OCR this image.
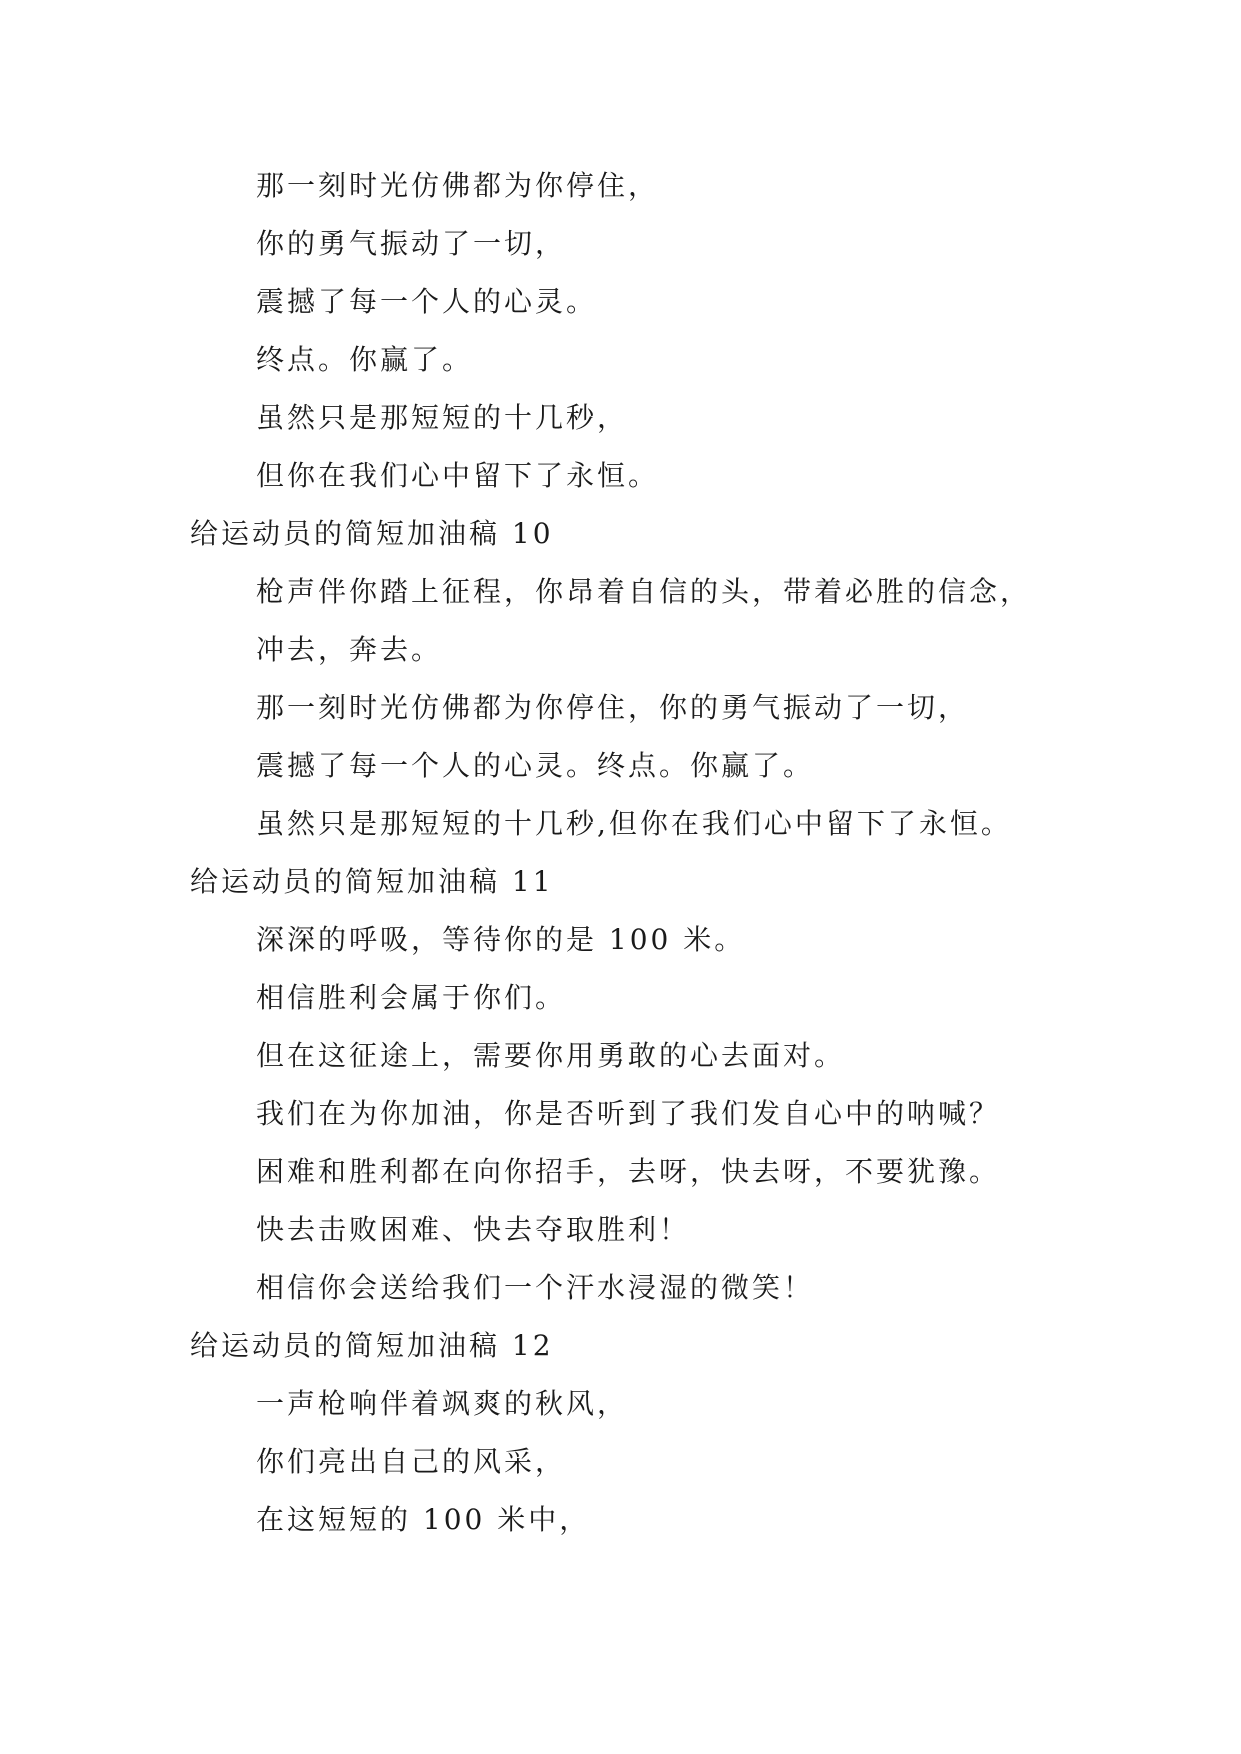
那一刻时光仿佛都为你停住，
你的勇气振动了一切，
震撼了每一个人的心灵。
终点。你赢了。
虽然只是那短短的十几秒，
但你在我们心中留下了永恒。
给运动员的简短加油稿 10
枪声伴你踏上征程，你昂着自信的头，带着必胜的信念，
冲去，奔去。
那一刻时光仿佛都为你停住，你的勇气振动了一切，
震撼了每一个人的心灵。终点。你赢了。
虽然只是那短短的十几秒,但你在我们心中留下了永恒。
给运动员的简短加油稿 11
深深的呼吸，等待你的是 100 米。
相信胜利会属于你们。
但在这征途上，需要你用勇敢的心去面对。
我们在为你加油，你是否听到了我们发自心中的呐喊？
困难和胜利都在向你招手，去呀，快去呀，不要犹豫。
快去击败困难、快去夺取胜利！
相信你会送给我们一个汗水浸湿的微笑！
给运动员的简短加油稿 12
一声枪响伴着飒爽的秋风，
你们亮出自己的风采，
在这短短的 100 米中，
